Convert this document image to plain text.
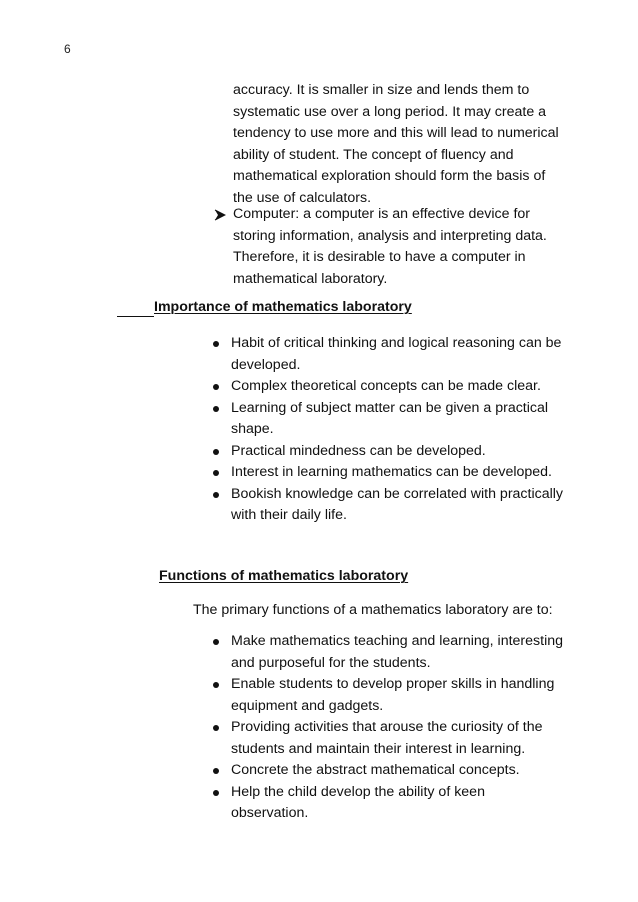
6
accuracy. It is smaller in size and lends them to
systematic use over a long period. It may create a
tendency to use more and this will lead to numerical
ability of student. The concept of fluency and
mathematical exploration should form the basis of
the use of calculators.
Computer: a computer is an effective device for
storing information, analysis and interpreting data.
Therefore, it is desirable to have a computer in
mathematical laboratory.
Importance of mathematics laboratory
Habit of critical thinking and logical reasoning can be
developed.
Complex theoretical concepts can be made clear.
Learning of subject matter can be given a practical
shape.
Practical mindedness can be developed.
Interest in learning mathematics can be developed.
Bookish knowledge can be correlated with practically
with their daily life.
Functions of mathematics laboratory
The primary functions of a mathematics laboratory are to:
Make mathematics teaching and learning, interesting
and purposeful for the students.
Enable students to develop proper skills in handling
equipment and gadgets.
Providing activities that arouse the curiosity of the
students and maintain their interest in learning.
Concrete the abstract mathematical concepts.
Help the child develop the ability of keen
observation.
